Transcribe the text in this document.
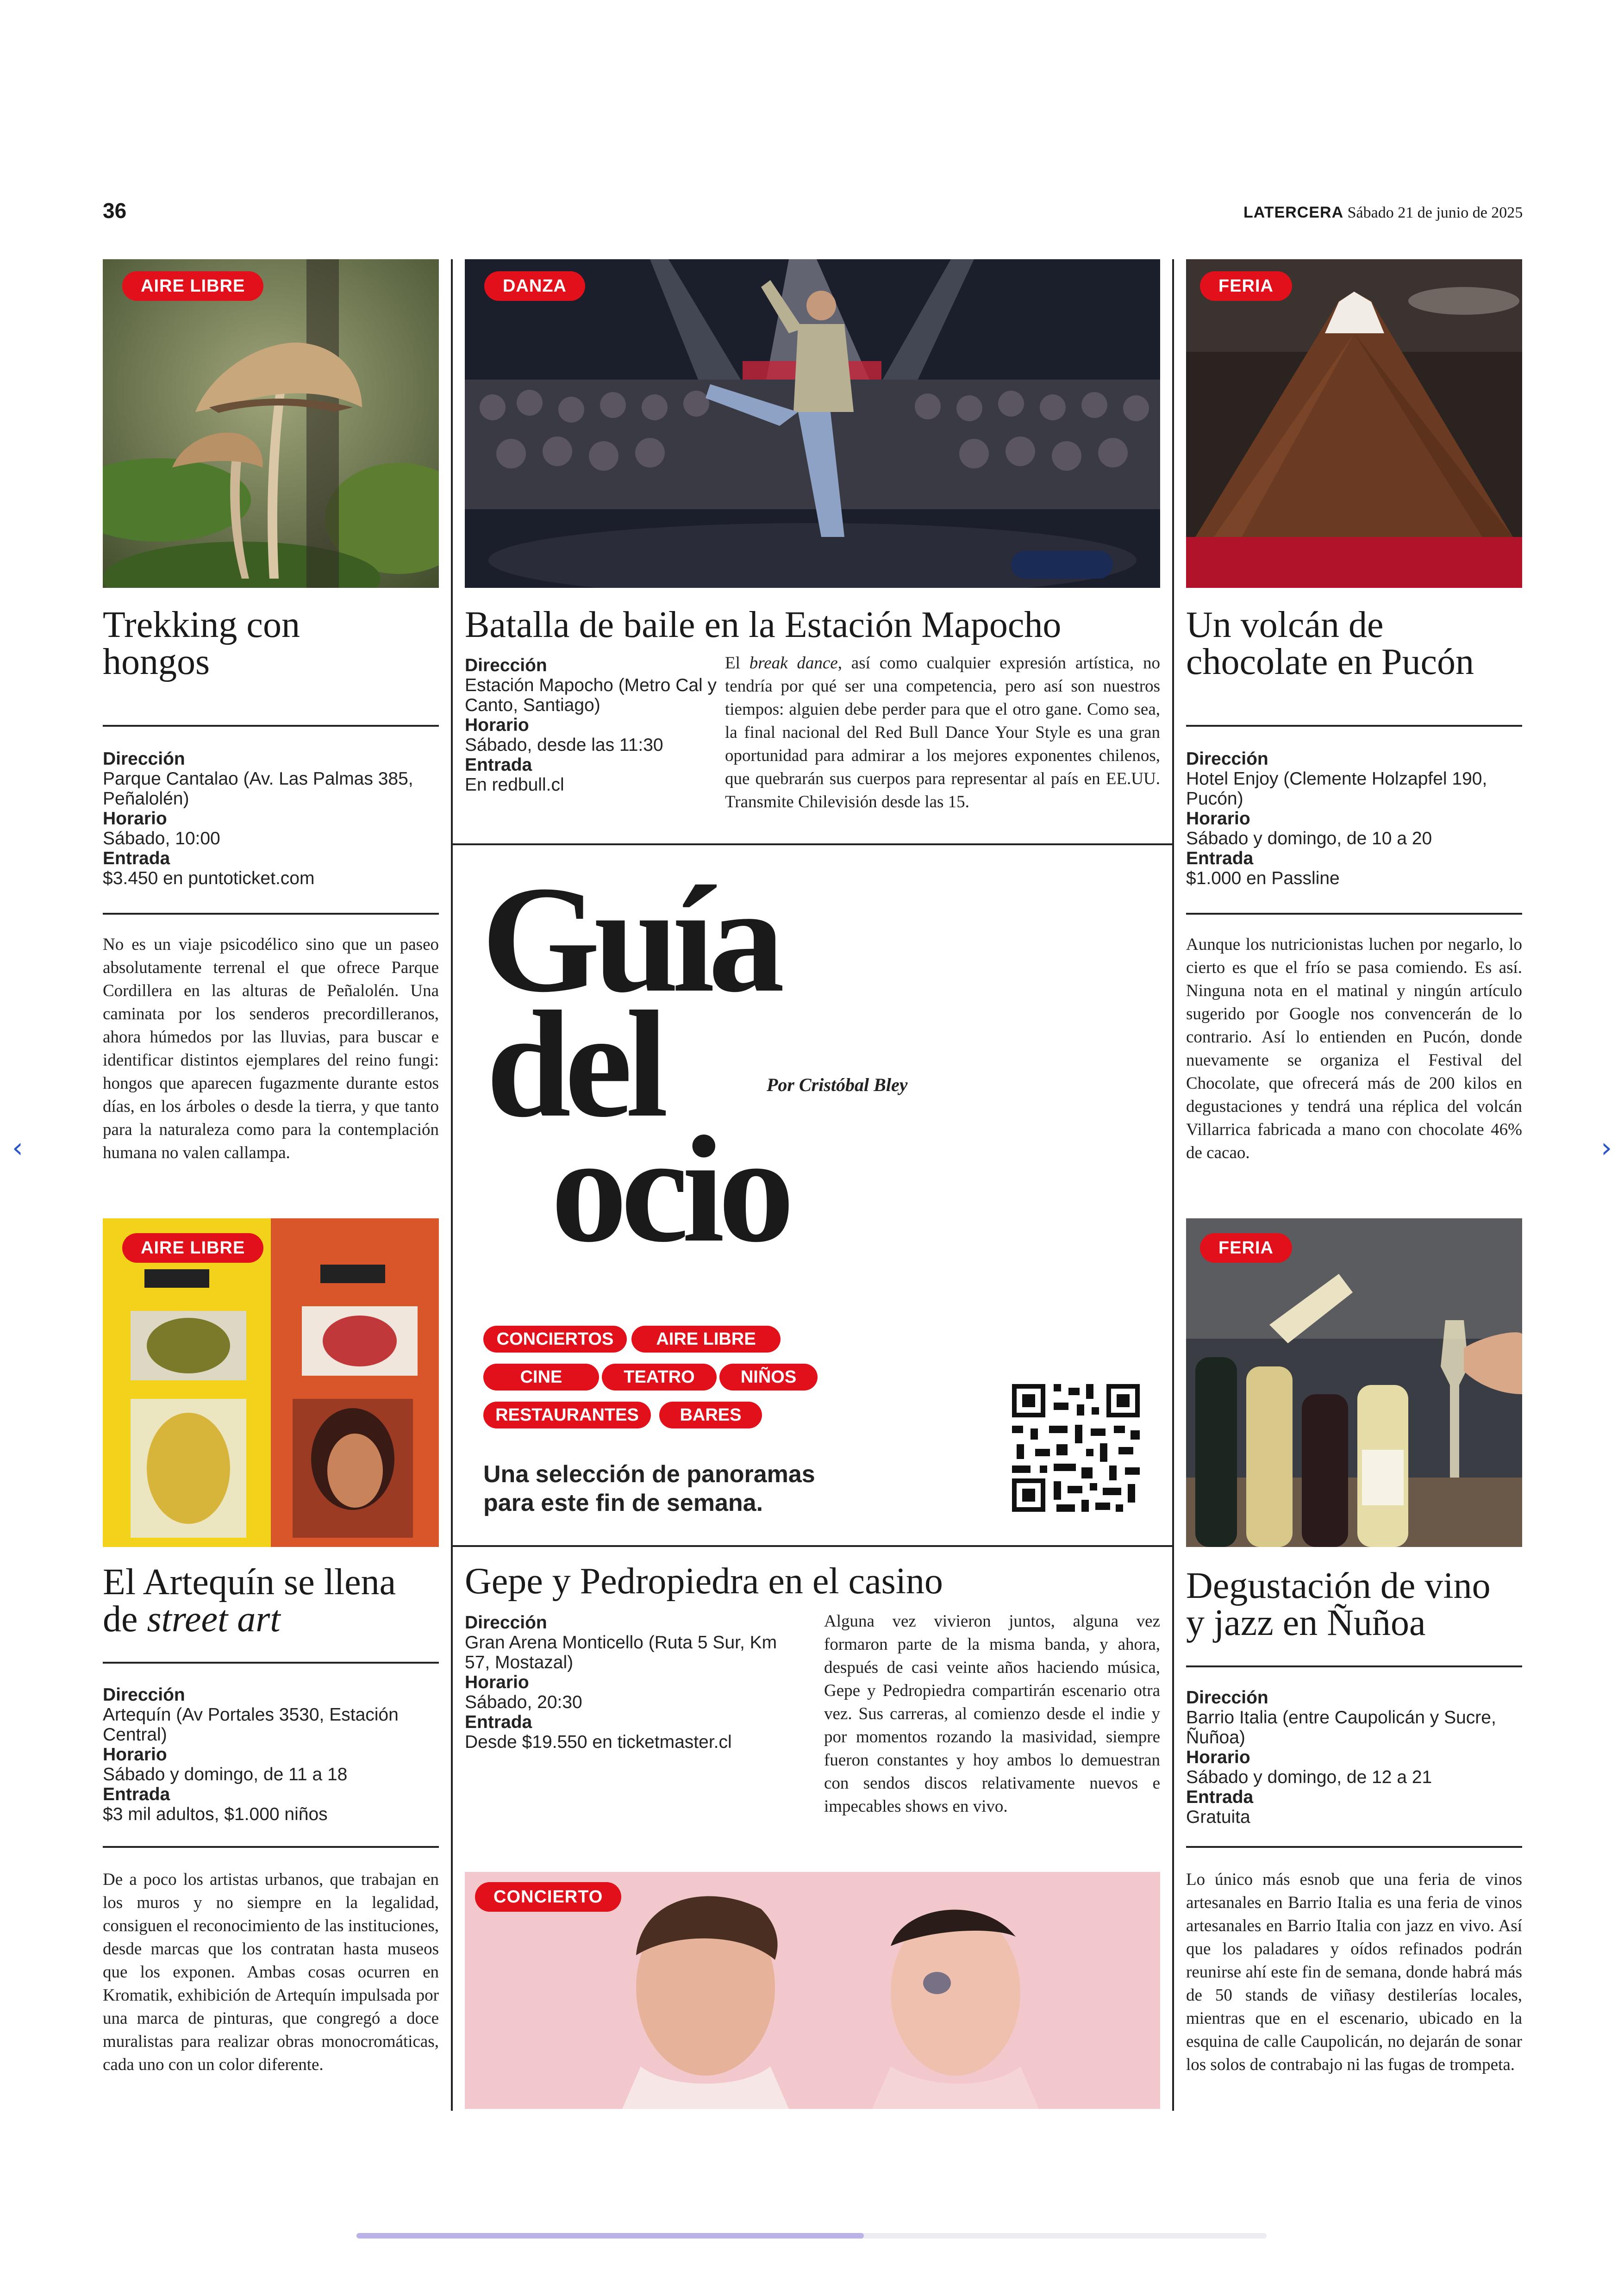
36	LATERCERA Sábado 21 de junio de 2025
AIRE LIBRE
Trekking con
hongos
Dirección
Parque Cantalao (Av. Las Palmas 385,
Peñalolén)
Horario
Sábado, 10:00
Entrada
$3.450 en puntoticket.com
No es un viaje psicodélico sino que un paseo absolutamente terrenal el que ofrece Parque Cordillera en las alturas de Peñalolén. Una caminata por los senderos precordilleranos, ahora húmedos por las lluvias, para buscar e identificar distintos ejemplares del reino fungi: hongos que aparecen fugazmente durante estos días, en los árboles o desde la tierra, y que tanto para la naturaleza como para la contemplación humana no valen callampa.
AIRE LIBRE
El Artequín se llena
de street art
Dirección
Artequín (Av Portales 3530, Estación
Central)
Horario
Sábado y domingo, de 11 a 18
Entrada
$3 mil adultos, $1.000 niños
De a poco los artistas urbanos, que trabajan en los muros y no siempre en la legalidad, consiguen el reconocimiento de las instituciones, desde marcas que los contratan hasta museos que los exponen. Ambas cosas ocurren en Kromatik, exhibición de Artequín impulsada por una marca de pinturas, que congregó a doce muralistas para realizar obras monocromáticas, cada uno con un color diferente.
DANZA
Batalla de baile en la Estación Mapocho
Dirección
Estación Mapocho (Metro Cal y
Canto, Santiago)
Horario
Sábado, desde las 11:30
Entrada
En redbull.cl
El break dance, así como cualquier expresión artística, no tendría por qué ser una competencia, pero así son nuestros tiempos: alguien debe perder para que el otro gane. Como sea, la final nacional del Red Bull Dance Your Style es una gran oportunidad para admirar a los mejores exponentes chilenos, que quebrarán sus cuerpos para representar al país en EE.UU. Transmite Chilevisión desde las 15.
Guía
del
ocio
Por Cristóbal Bley
CONCIERTOS	AIRE LIBRE
CINE	TEATRO	NIÑOS
RESTAURANTES	BARES
Una selección de panoramas
para este fin de semana.
Gepe y Pedropiedra en el casino
Dirección
Gran Arena Monticello (Ruta 5 Sur, Km
57, Mostazal)
Horario
Sábado, 20:30
Entrada
Desde $19.550 en ticketmaster.cl
Alguna vez vivieron juntos, alguna vez formaron parte de la misma banda, y ahora, después de casi veinte años haciendo música, Gepe y Pedropiedra compartirán escenario otra vez. Sus carreras, al comienzo desde el indie y por momentos rozando la masividad, siempre fueron constantes y hoy ambos lo demuestran con sendos discos relativamente nuevos e impecables shows en vivo.
CONCIERTO
FERIA
Un volcán de
chocolate en Pucón
Dirección
Hotel Enjoy (Clemente Holzapfel 190,
Pucón)
Horario
Sábado y domingo, de 10 a 20
Entrada
$1.000 en Passline
Aunque los nutricionistas luchen por negarlo, lo cierto es que el frío se pasa comiendo. Es así. Ninguna nota en el matinal y ningún artículo sugerido por Google nos convencerán de lo contrario. Así lo entienden en Pucón, donde nuevamente se organiza el Festival del Chocolate, que ofrecerá más de 200 kilos en degustaciones y tendrá una réplica del volcán Villarrica fabricada a mano con chocolate 46% de cacao.
FERIA
Degustación de vino
y jazz en Ñuñoa
Dirección
Barrio Italia (entre Caupolicán y Sucre,
Ñuñoa)
Horario
Sábado y domingo, de 12 a 21
Entrada
Gratuita
Lo único más esnob que una feria de vinos artesanales en Barrio Italia es una feria de vinos artesanales en Barrio Italia con jazz en vivo. Así que los paladares y oídos refinados podrán reunirse ahí este fin de semana, donde habrá más de 50 stands de viñasy destilerías locales, mientras que en el escenario, ubicado en la esquina de calle Caupolicán, no dejarán de sonar los solos de contrabajo ni las fugas de trompeta.
‹	›
